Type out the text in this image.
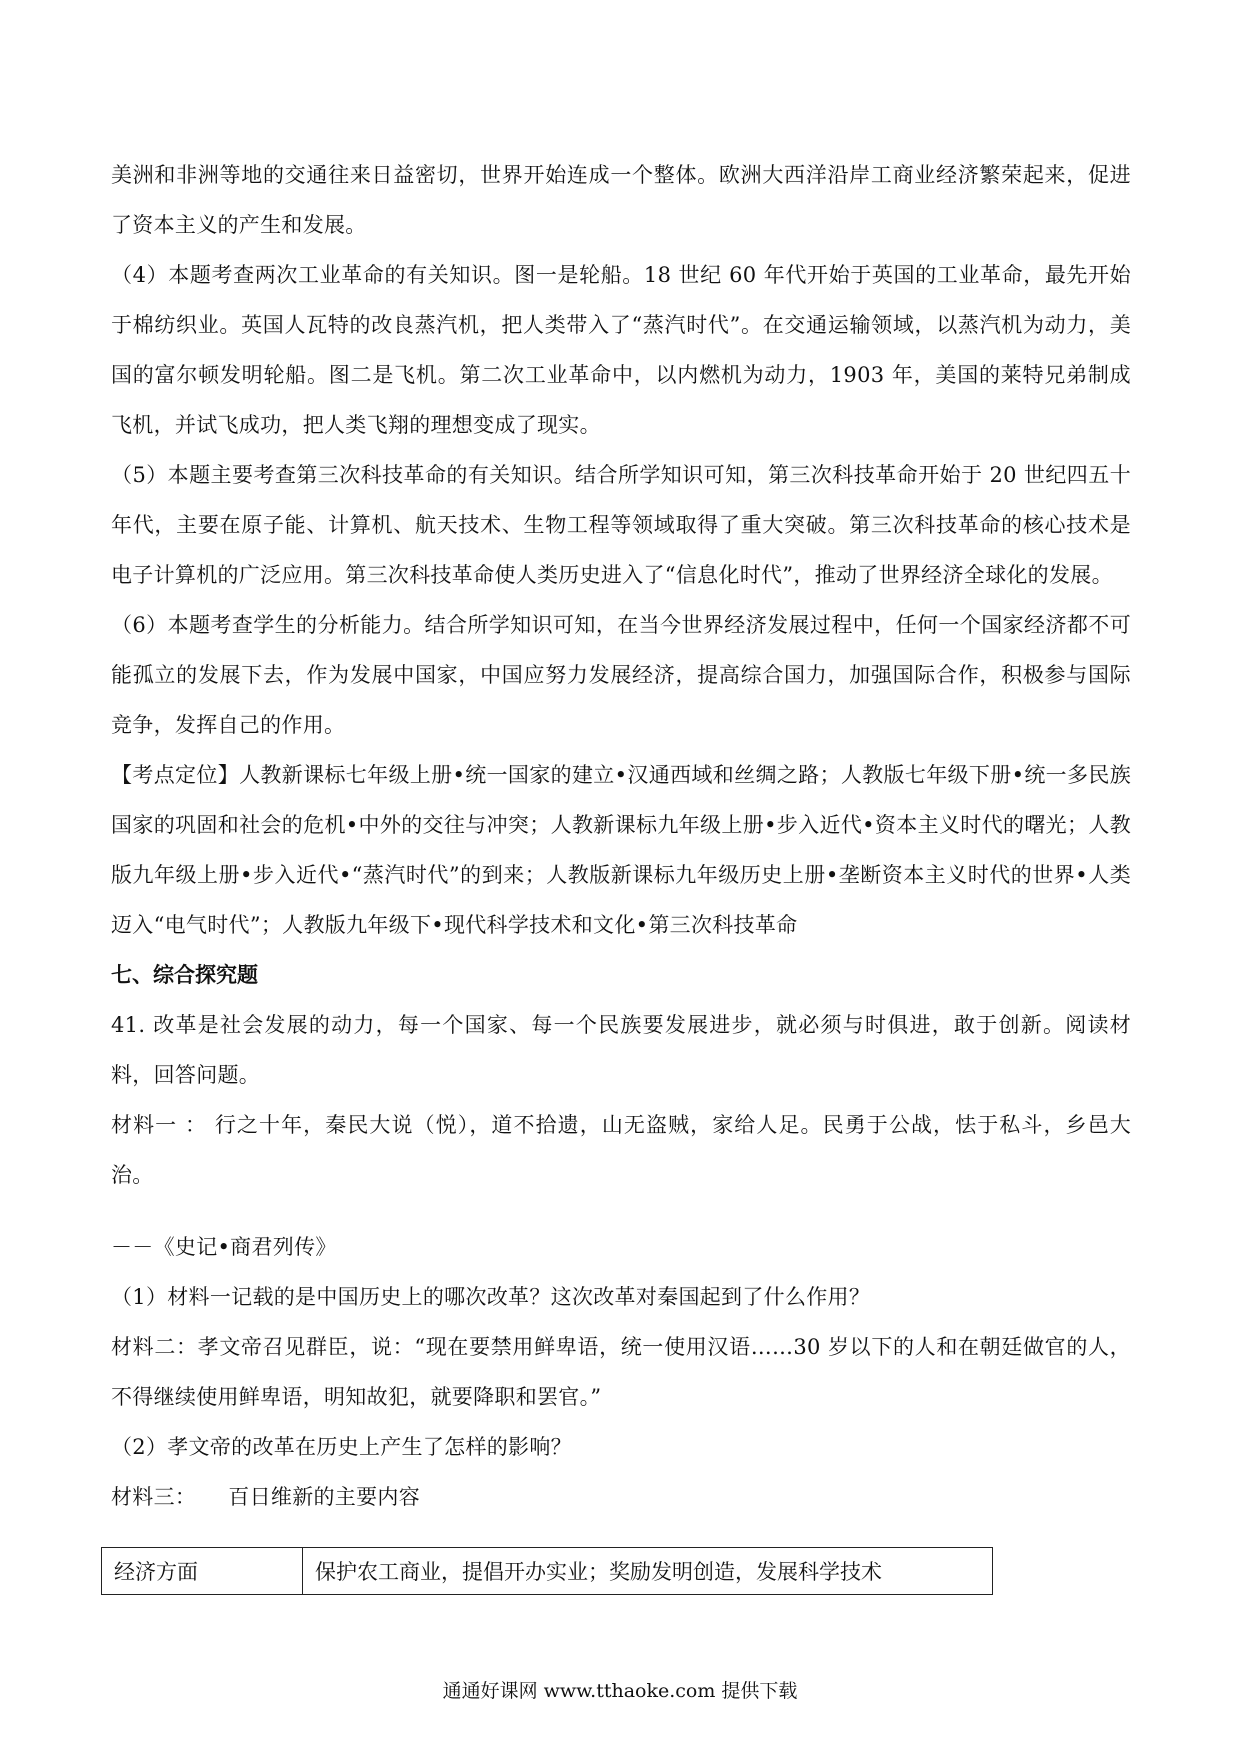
美洲和非洲等地的交通往来日益密切，世界开始连成一个整体。欧洲大西洋沿岸工商业经济繁荣起来，促进了资本主义的产生和发展。

（4）本题考查两次工业革命的有关知识。图一是轮船。18 世纪 60 年代开始于英国的工业革命，最先开始于棉纺织业。英国人瓦特的改良蒸汽机，把人类带入了“蒸汽时代”。在交通运输领域，以蒸汽机为动力，美国的富尔顿发明轮船。图二是飞机。第二次工业革命中，以内燃机为动力，1903 年，美国的莱特兄弟制成飞机，并试飞成功，把人类飞翔的理想变成了现实。

（5）本题主要考查第三次科技革命的有关知识。结合所学知识可知，第三次科技革命开始于 20 世纪四五十年代，主要在原子能、计算机、航天技术、生物工程等领域取得了重大突破。第三次科技革命的核心技术是电子计算机的广泛应用。第三次科技革命使人类历史进入了“信息化时代”，推动了世界经济全球化的发展。

（6）本题考查学生的分析能力。结合所学知识可知，在当今世界经济发展过程中，任何一个国家经济都不可能孤立的发展下去，作为发展中国家，中国应努力发展经济，提高综合国力，加强国际合作，积极参与国际竞争，发挥自己的作用。

【考点定位】人教新课标七年级上册•统一国家的建立•汉通西域和丝绸之路；人教版七年级下册•统一多民族国家的巩固和社会的危机•中外的交往与冲突；人教新课标九年级上册•步入近代•资本主义时代的曙光；人教版九年级上册•步入近代•“蒸汽时代”的到来；人教版新课标九年级历史上册•垄断资本主义时代的世界•人类迈入“电气时代”；人教版九年级下•现代科学技术和文化•第三次科技革命

七、综合探究题

41. 改革是社会发展的动力，每一个国家、每一个民族要发展进步，就必须与时俱进，敢于创新。阅读材料，回答问题。

材料一 ： 行之十年，秦民大说（悦），道不拾遗，山无盗贼，家给人足。民勇于公战，怯于私斗，乡邑大治。

－－《史记•商君列传》

（1）材料一记载的是中国历史上的哪次改革？这次改革对秦国起到了什么作用？

材料二：孝文帝召见群臣，说：“现在要禁用鲜卑语，统一使用汉语……30 岁以下的人和在朝廷做官的人，不得继续使用鲜卑语，明知故犯，就要降职和罢官。”

（2）孝文帝的改革在历史上产生了怎样的影响？

材料三：　　百日维新的主要内容

经济方面	保护农工商业，提倡开办实业；奖励发明创造，发展科学技术
通通好课网 www.tthaoke.com 提供下载
